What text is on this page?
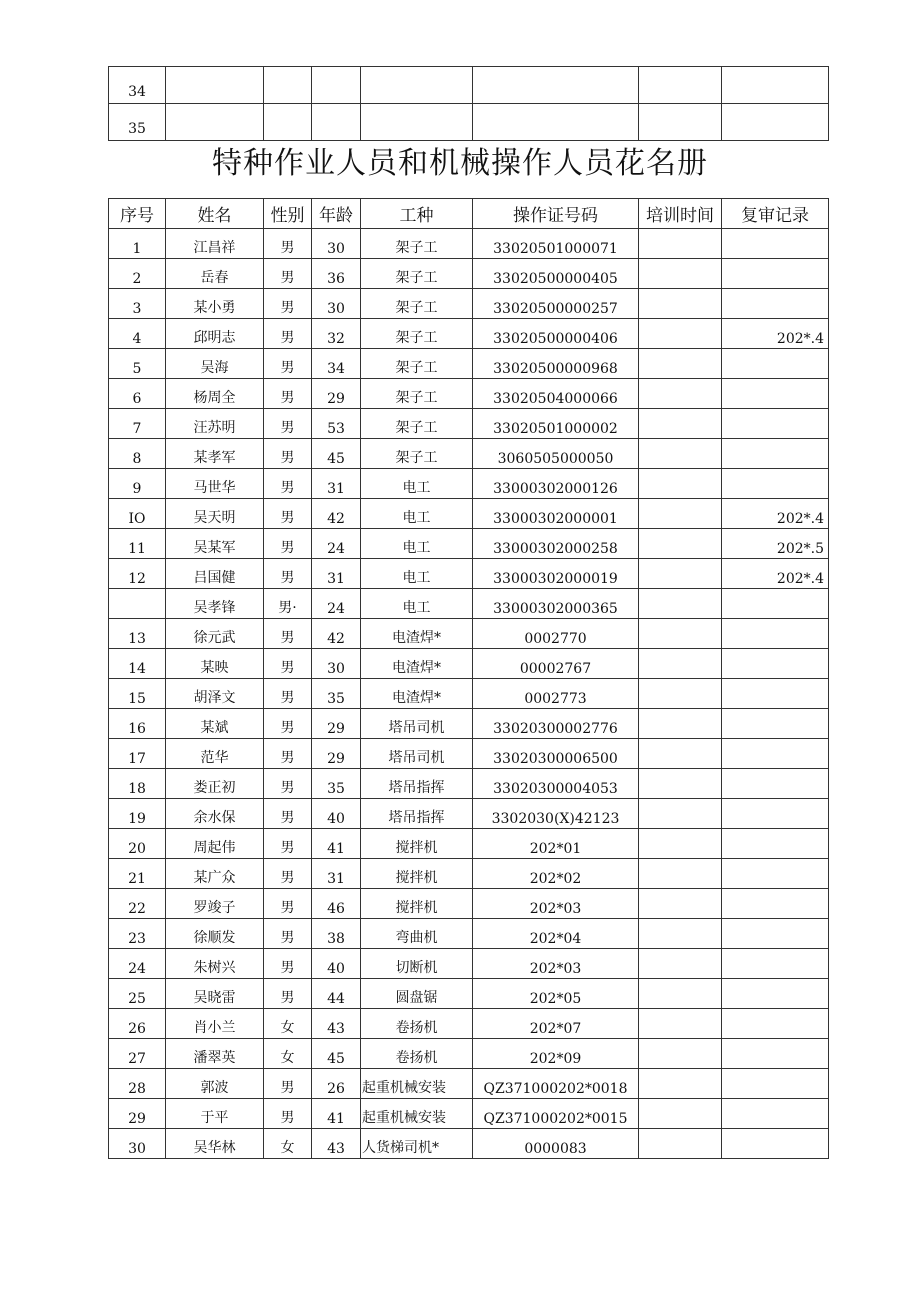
34							
35							
特种作业人员和机械操作人员花名册
序号	姓名	性别	年龄	工种	操作证号码	培训时间	复审记录
1	江昌祥	男	30	架子工	33020501000071		
2	岳春	男	36	架子工	33020500000405		
3	某小勇	男	30	架子工	33020500000257		
4	邱明志	男	32	架子工	33020500000406		202*.4
5	吴海	男	34	架子工	33020500000968		
6	杨周全	男	29	架子工	33020504000066		
7	汪苏明	男	53	架子工	33020501000002		
8	某孝军	男	45	架子工	3060505000050		
9	马世华	男	31	电工	33000302000126		
IO	吴天明	男	42	电工	33000302000001		202*.4
11	吴某军	男	24	电工	33000302000258		202*.5
12	吕国健	男	31	电工	33000302000019		202*.4
	吴孝锋	男·	24	电工	33000302000365		
13	徐元武	男	42	电渣焊*	0002770		
14	某映	男	30	电渣焊*	00002767		
15	胡泽文	男	35	电渣焊*	0002773		
16	某斌	男	29	塔吊司机	33020300002776		
17	范华	男	29	塔吊司机	33020300006500		
18	娄正初	男	35	塔吊指挥	33020300004053		
19	余水保	男	40	塔吊指挥	3302030(X)42123		
20	周起伟	男	41	搅拌机	202*01		
21	某广众	男	31	搅拌机	202*02		
22	罗竣子	男	46	搅拌机	202*03		
23	徐顺发	男	38	弯曲机	202*04		
24	朱树兴	男	40	切断机	202*03		
25	吴晓雷	男	44	圆盘锯	202*05		
26	肖小兰	女	43	卷扬机	202*07		
27	潘翠英	女	45	卷扬机	202*09		
28	郭波	男	26	起重机械安装	QZ371000202*0018		
29	于平	男	41	起重机械安装	QZ371000202*0015		
30	吴华林	女	43	人货梯司机*	0000083		
